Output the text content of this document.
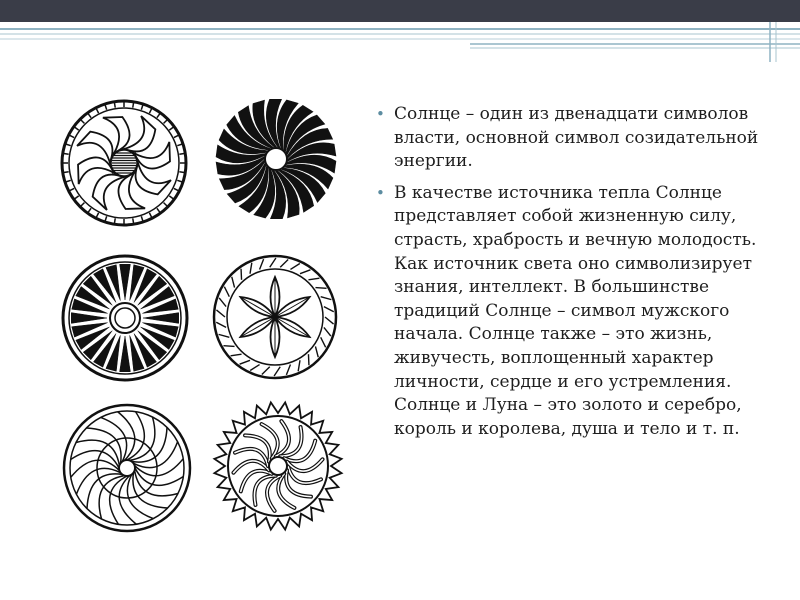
• Солнце – один из двенадцати символов власти, основной символ созидательной энергии.
• В качестве источника тепла Солнце представляет собой жизненную силу, страсть, храбрость и вечную молодость. Как источник света оно символизирует знания, интеллект. В большинстве традиций Солнце – символ мужского начала. Солнце также – это жизнь, живучесть, воплощенный характер личности, сердце и его устремления. Солнце и Луна – это золото и серебро, король и королева, душа и тело и т. п.
